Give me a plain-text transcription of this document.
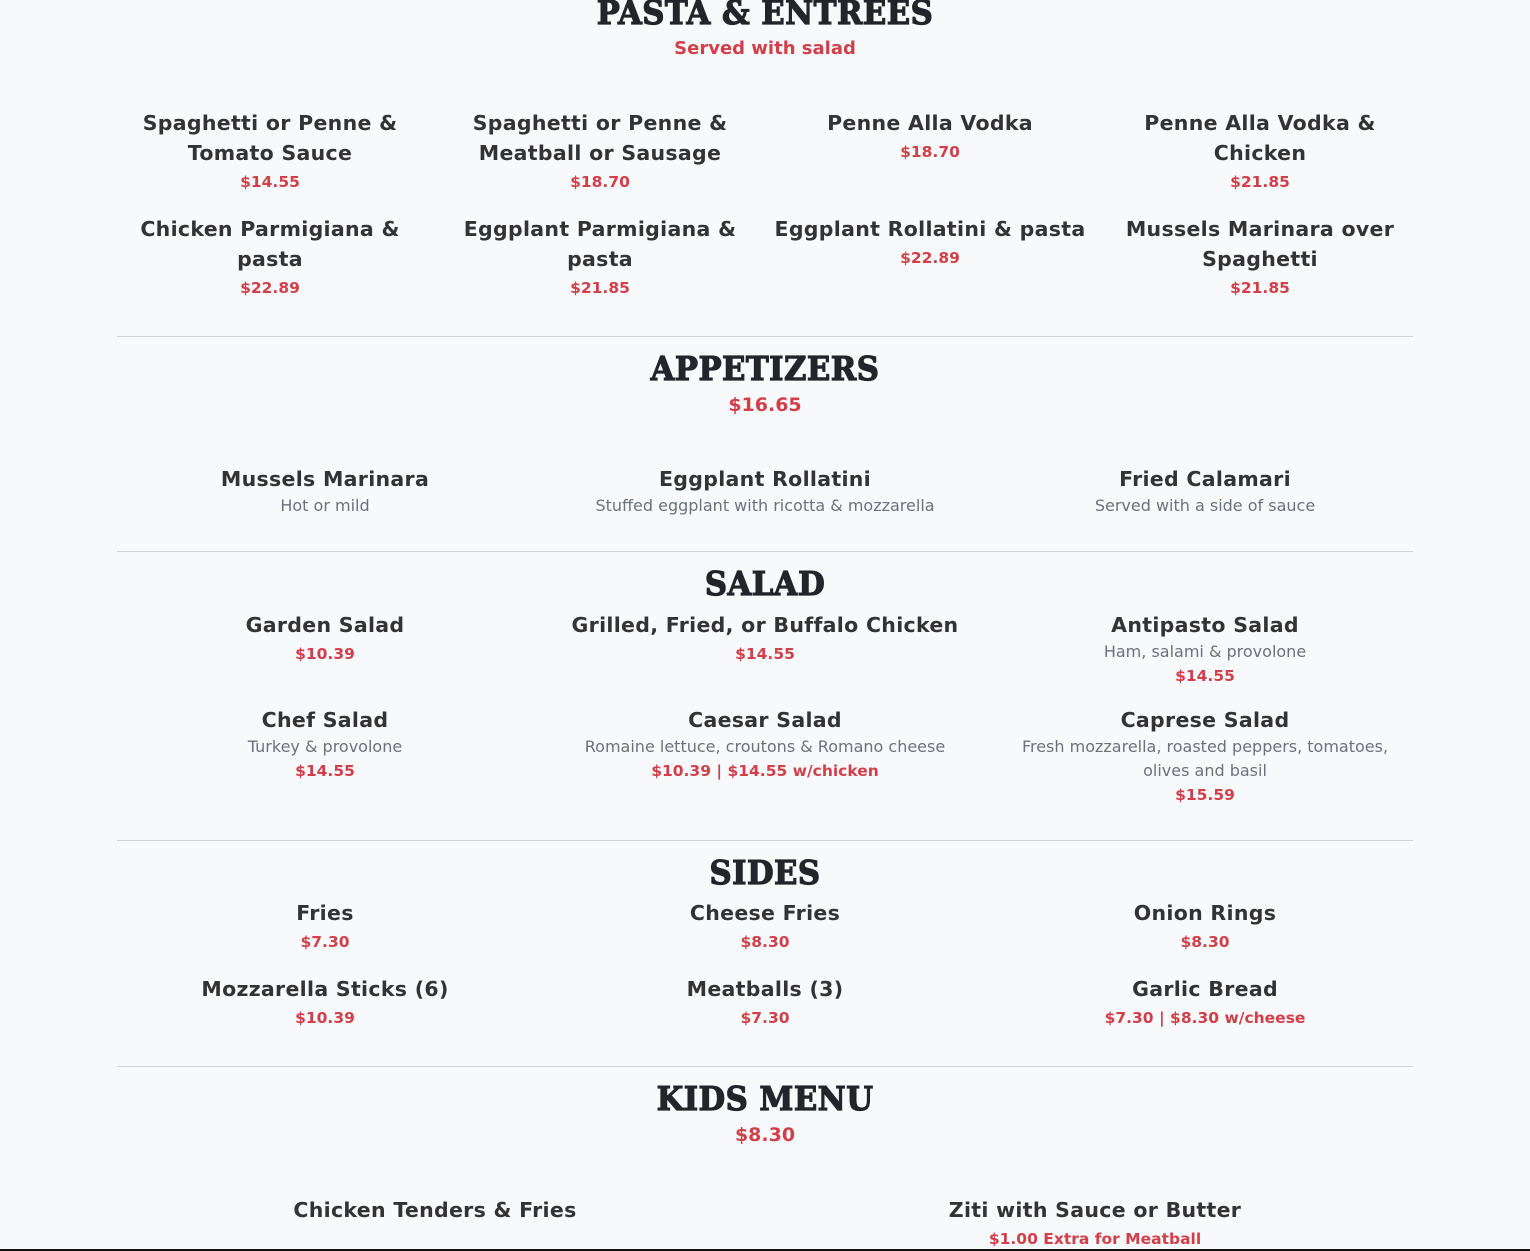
PASTA & ENTREES
Served with salad
Spaghetti or Penne & Tomato Sauce
$14.55
Spaghetti or Penne & Meatball or Sausage
$18.70
Penne Alla Vodka
$18.70
Penne Alla Vodka & Chicken
$21.85
Chicken Parmigiana & pasta
$22.89
Eggplant Parmigiana & pasta
$21.85
Eggplant Rollatini & pasta
$22.89
Mussels Marinara over Spaghetti
$21.85
APPETIZERS
$16.65
Mussels Marinara
Hot or mild
Eggplant Rollatini
Stuffed eggplant with ricotta & mozzarella
Fried Calamari
Served with a side of sauce
SALAD
Garden Salad
$10.39
Grilled, Fried, or Buffalo Chicken
$14.55
Antipasto Salad
Ham, salami & provolone
$14.55
Chef Salad
Turkey & provolone
$14.55
Caesar Salad
Romaine lettuce, croutons & Romano cheese
$10.39 | $14.55 w/chicken
Caprese Salad
Fresh mozzarella, roasted peppers, tomatoes, olives and basil
$15.59
SIDES
Fries
$7.30
Cheese Fries
$8.30
Onion Rings
$8.30
Mozzarella Sticks (6)
$10.39
Meatballs (3)
$7.30
Garlic Bread
$7.30 | $8.30 w/cheese
KIDS MENU
$8.30
Chicken Tenders & Fries	Ziti with Sauce or Butter
$1.00 Extra for Meatball
